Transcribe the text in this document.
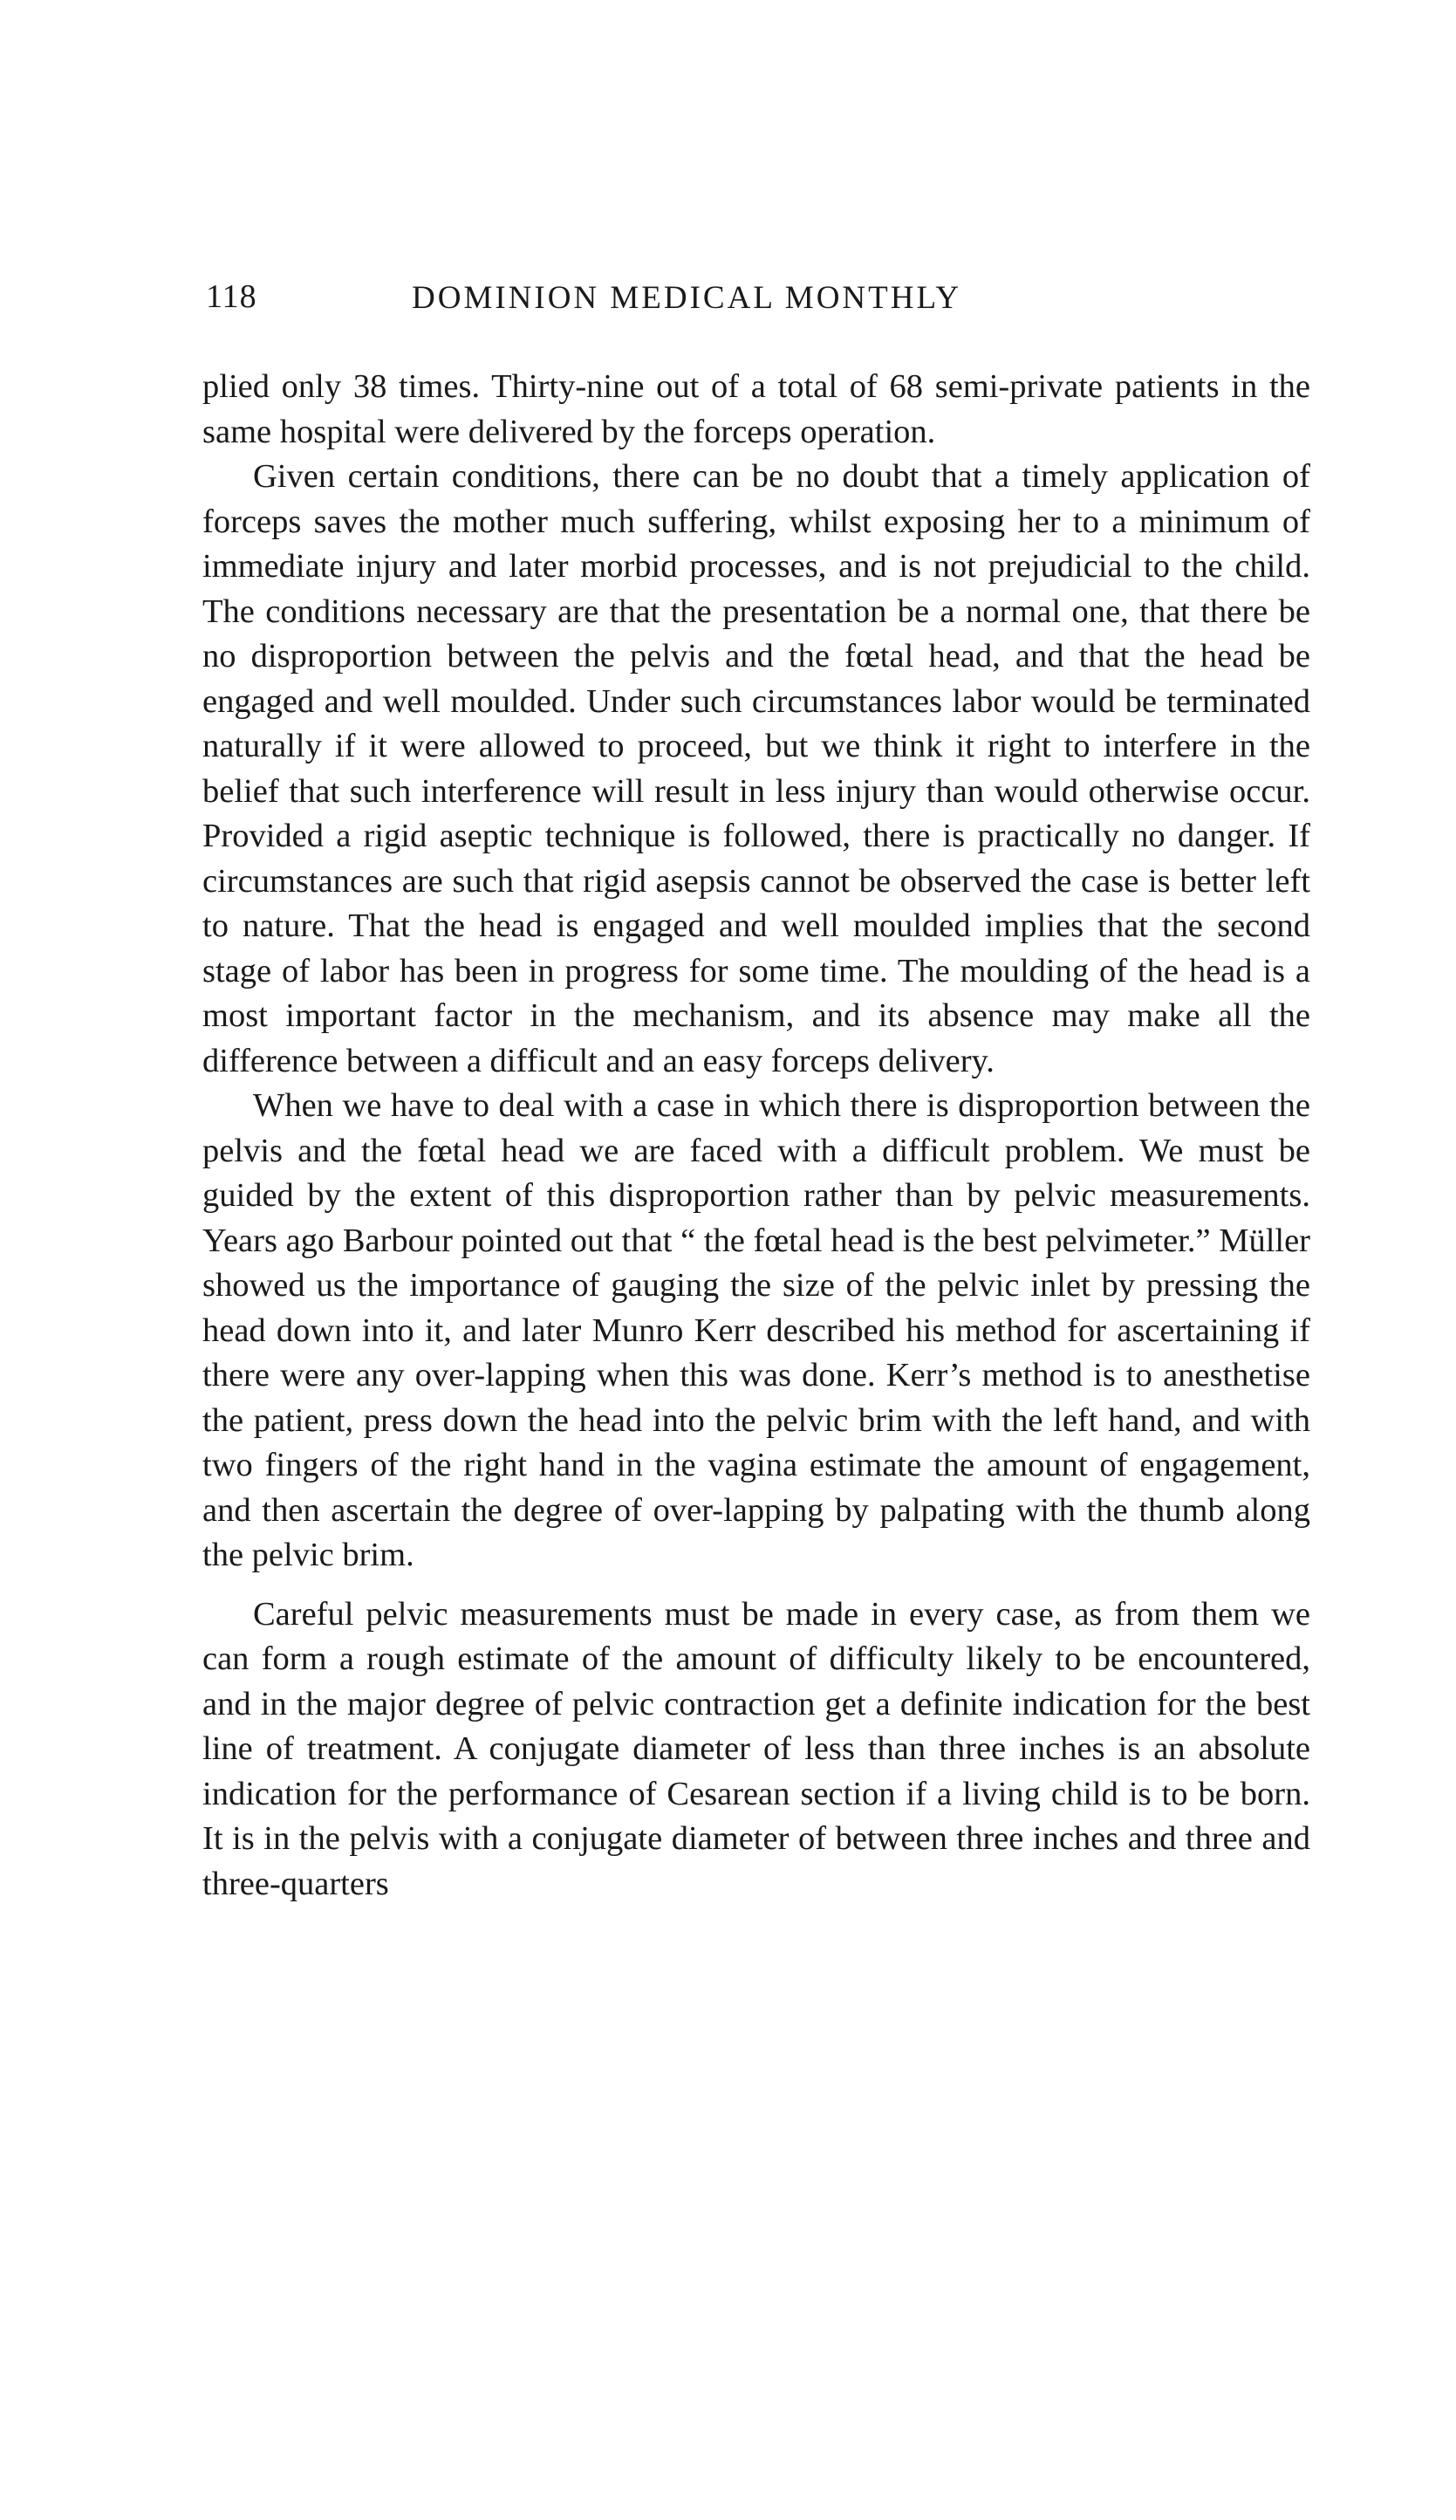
118	DOMINION MEDICAL MONTHLY

plied only 38 times. Thirty-nine out of a total of 68 semi-private patients in the same hospital were delivered by the forceps operation.

Given certain conditions, there can be no doubt that a timely application of forceps saves the mother much suffering, whilst exposing her to a minimum of immediate injury and later morbid processes, and is not prejudicial to the child. The conditions necessary are that the presentation be a normal one, that there be no disproportion between the pelvis and the fœtal head, and that the head be engaged and well moulded. Under such circumstances labor would be terminated naturally if it were allowed to proceed, but we think it right to interfere in the belief that such interference will result in less injury than would otherwise occur. Provided a rigid aseptic technique is followed, there is practically no danger. If circumstances are such that rigid asepsis cannot be observed the case is better left to nature. That the head is engaged and well moulded implies that the second stage of labor has been in progress for some time. The moulding of the head is a most important factor in the mechanism, and its absence may make all the difference between a difficult and an easy forceps delivery.

When we have to deal with a case in which there is disproportion between the pelvis and the fœtal head we are faced with a difficult problem. We must be guided by the extent of this disproportion rather than by pelvic measurements. Years ago Barbour pointed out that “ the fœtal head is the best pelvimeter.” Müller showed us the importance of gauging the size of the pelvic inlet by pressing the head down into it, and later Munro Kerr described his method for ascertaining if there were any over-lapping when this was done. Kerr’s method is to anesthetise the patient, press down the head into the pelvic brim with the left hand, and with two fingers of the right hand in the vagina estimate the amount of engagement, and then ascertain the degree of over-lapping by palpating with the thumb along the pelvic brim.

Careful pelvic measurements must be made in every case, as from them we can form a rough estimate of the amount of difficulty likely to be encountered, and in the major degree of pelvic contraction get a definite indication for the best line of treatment. A conjugate diameter of less than three inches is an absolute indication for the performance of Cesarean section if a living child is to be born. It is in the pelvis with a conjugate diameter of between three inches and three and three-quarters
